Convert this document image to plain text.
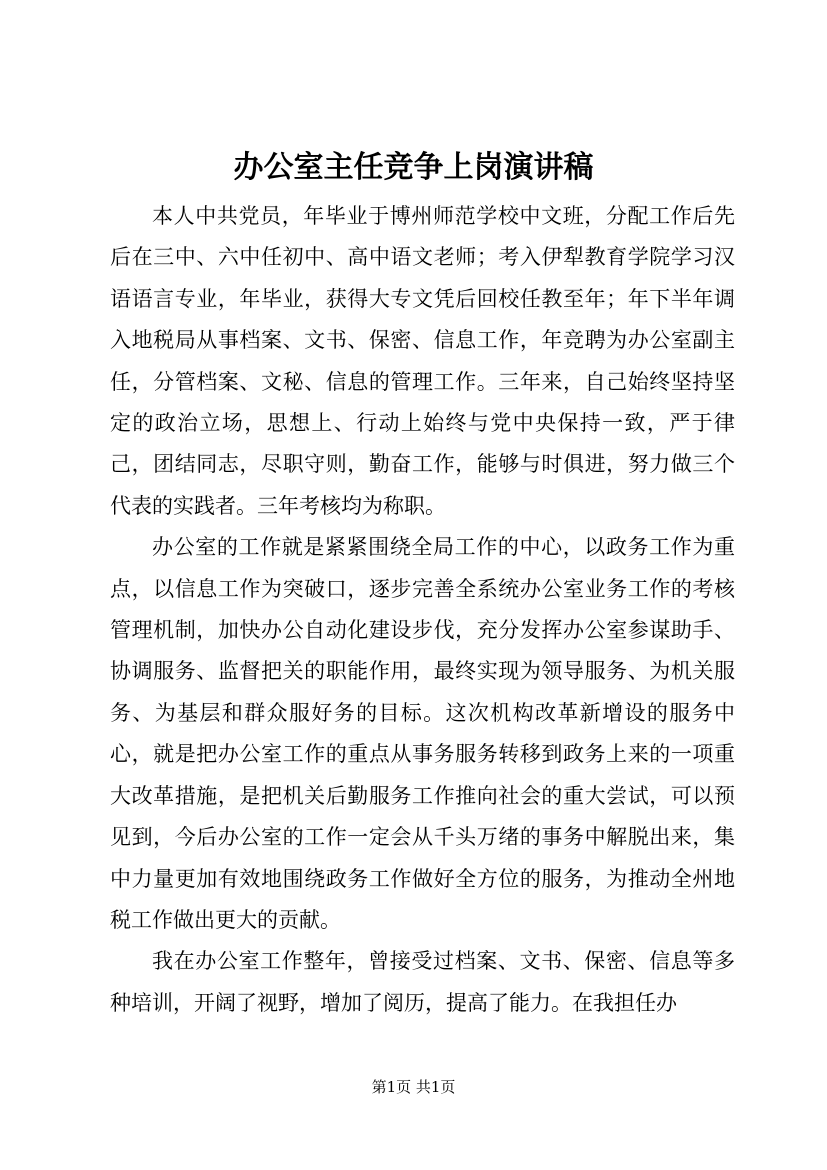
办公室主任竞争上岗演讲稿

本人中共党员，年毕业于博州师范学校中文班，分配工作后先后在三中、六中任初中、高中语文老师；考入伊犁教育学院学习汉语语言专业，年毕业，获得大专文凭后回校任教至年；年下半年调入地税局从事档案、文书、保密、信息工作，年竞聘为办公室副主任，分管档案、文秘、信息的管理工作。三年来，自己始终坚持坚定的政治立场，思想上、行动上始终与党中央保持一致，严于律己，团结同志，尽职守则，勤奋工作，能够与时俱进，努力做三个代表的实践者。三年考核均为称职。

办公室的工作就是紧紧围绕全局工作的中心，以政务工作为重点，以信息工作为突破口，逐步完善全系统办公室业务工作的考核管理机制，加快办公自动化建设步伐，充分发挥办公室参谋助手、协调服务、监督把关的职能作用，最终实现为领导服务、为机关服务、为基层和群众服好务的目标。这次机构改革新增设的服务中心，就是把办公室工作的重点从事务服务转移到政务上来的一项重大改革措施，是把机关后勤服务工作推向社会的重大尝试，可以预见到，今后办公室的工作一定会从千头万绪的事务中解脱出来，集中力量更加有效地围绕政务工作做好全方位的服务，为推动全州地税工作做出更大的贡献。

我在办公室工作整年，曾接受过档案、文书、保密、信息等多种培训，开阔了视野，增加了阅历，提高了能力。在我担任办

第1页 共1页
